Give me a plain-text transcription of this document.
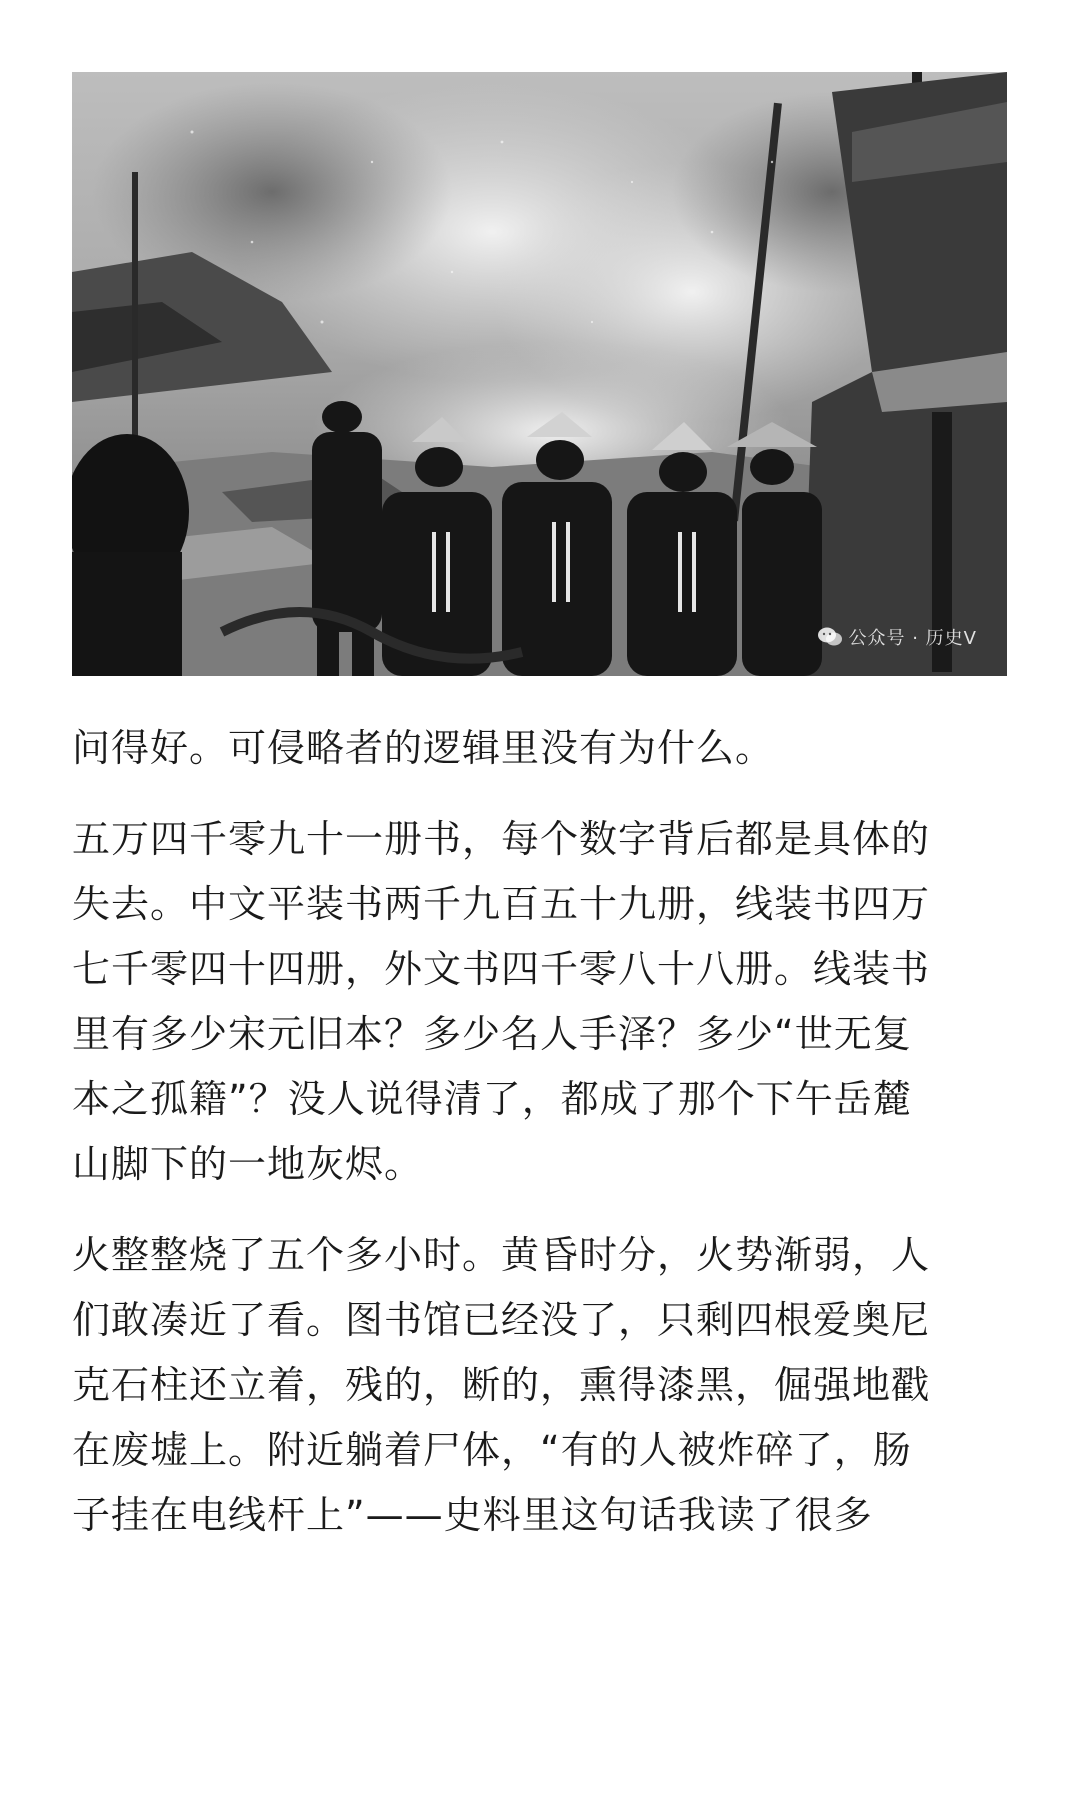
公众号 · 历史V

问得好。可侵略者的逻辑里没有为什么。

五万四千零九十一册书，每个数字背后都是具体的
失去。中文平装书两千九百五十九册，线装书四万
七千零四十四册，外文书四千零八十八册。线装书
里有多少宋元旧本？多少名人手泽？多少“世无复
本之孤籍”？没人说得清了，都成了那个下午岳麓
山脚下的一地灰烬。

火整整烧了五个多小时。黄昏时分，火势渐弱，人
们敢凑近了看。图书馆已经没了，只剩四根爱奥尼
克石柱还立着，残的，断的，熏得漆黑，倔强地戳
在废墟上。附近躺着尸体，“有的人被炸碎了，肠
子挂在电线杆上”——史料里这句话我读了很多
